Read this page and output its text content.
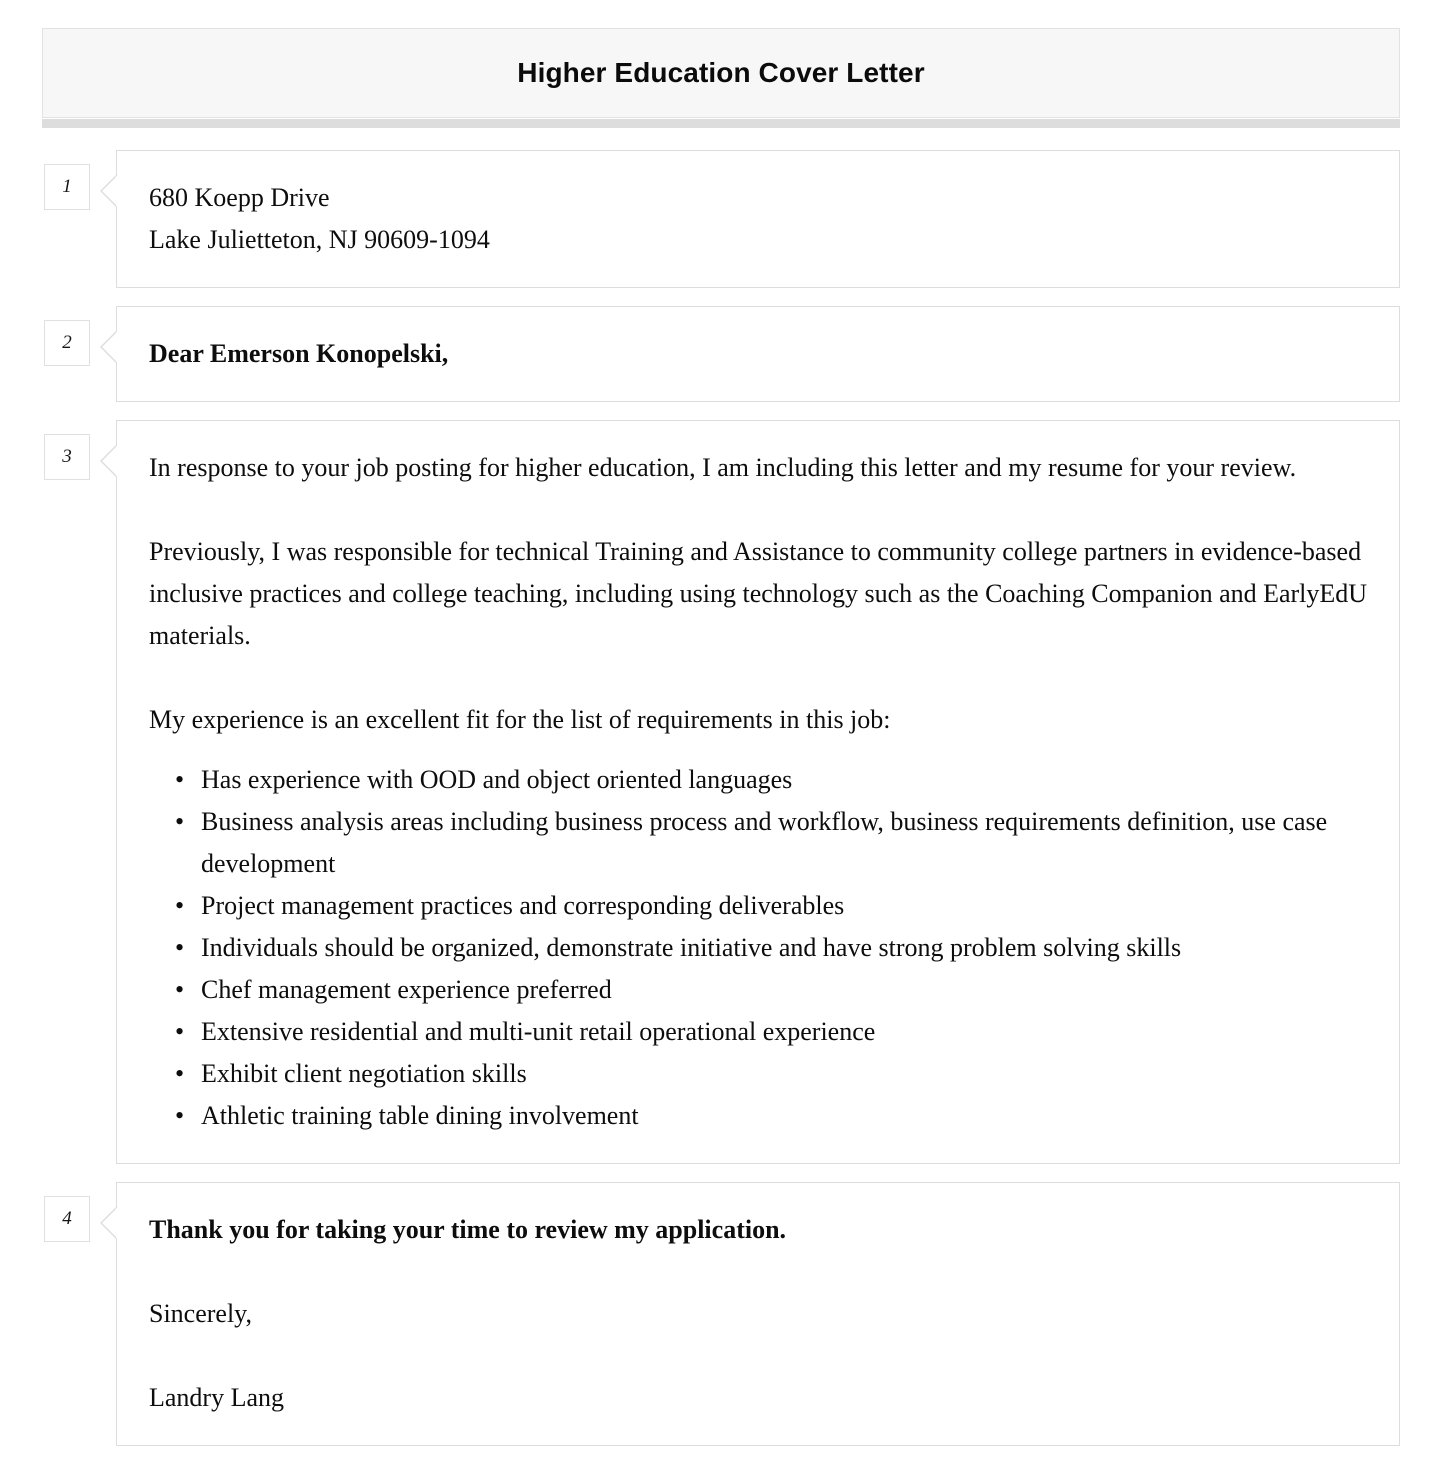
Higher Education Cover Letter
1	680 Koepp Drive
Lake Julietteton, NJ 90609-1094
2	Dear Emerson Konopelski,
3	In response to your job posting for higher education, I am including this letter and my resume for your review.

Previously, I was responsible for technical Training and Assistance to community college partners in evidence-based inclusive practices and college teaching, including using technology such as the Coaching Companion and EarlyEdU materials.

My experience is an excellent fit for the list of requirements in this job:

• Has experience with OOD and object oriented languages
• Business analysis areas including business process and workflow, business requirements definition, use case development
• Project management practices and corresponding deliverables
• Individuals should be organized, demonstrate initiative and have strong problem solving skills
• Chef management experience preferred
• Extensive residential and multi-unit retail operational experience
• Exhibit client negotiation skills
• Athletic training table dining involvement
4	Thank you for taking your time to review my application.
Sincerely,
Landry Lang
